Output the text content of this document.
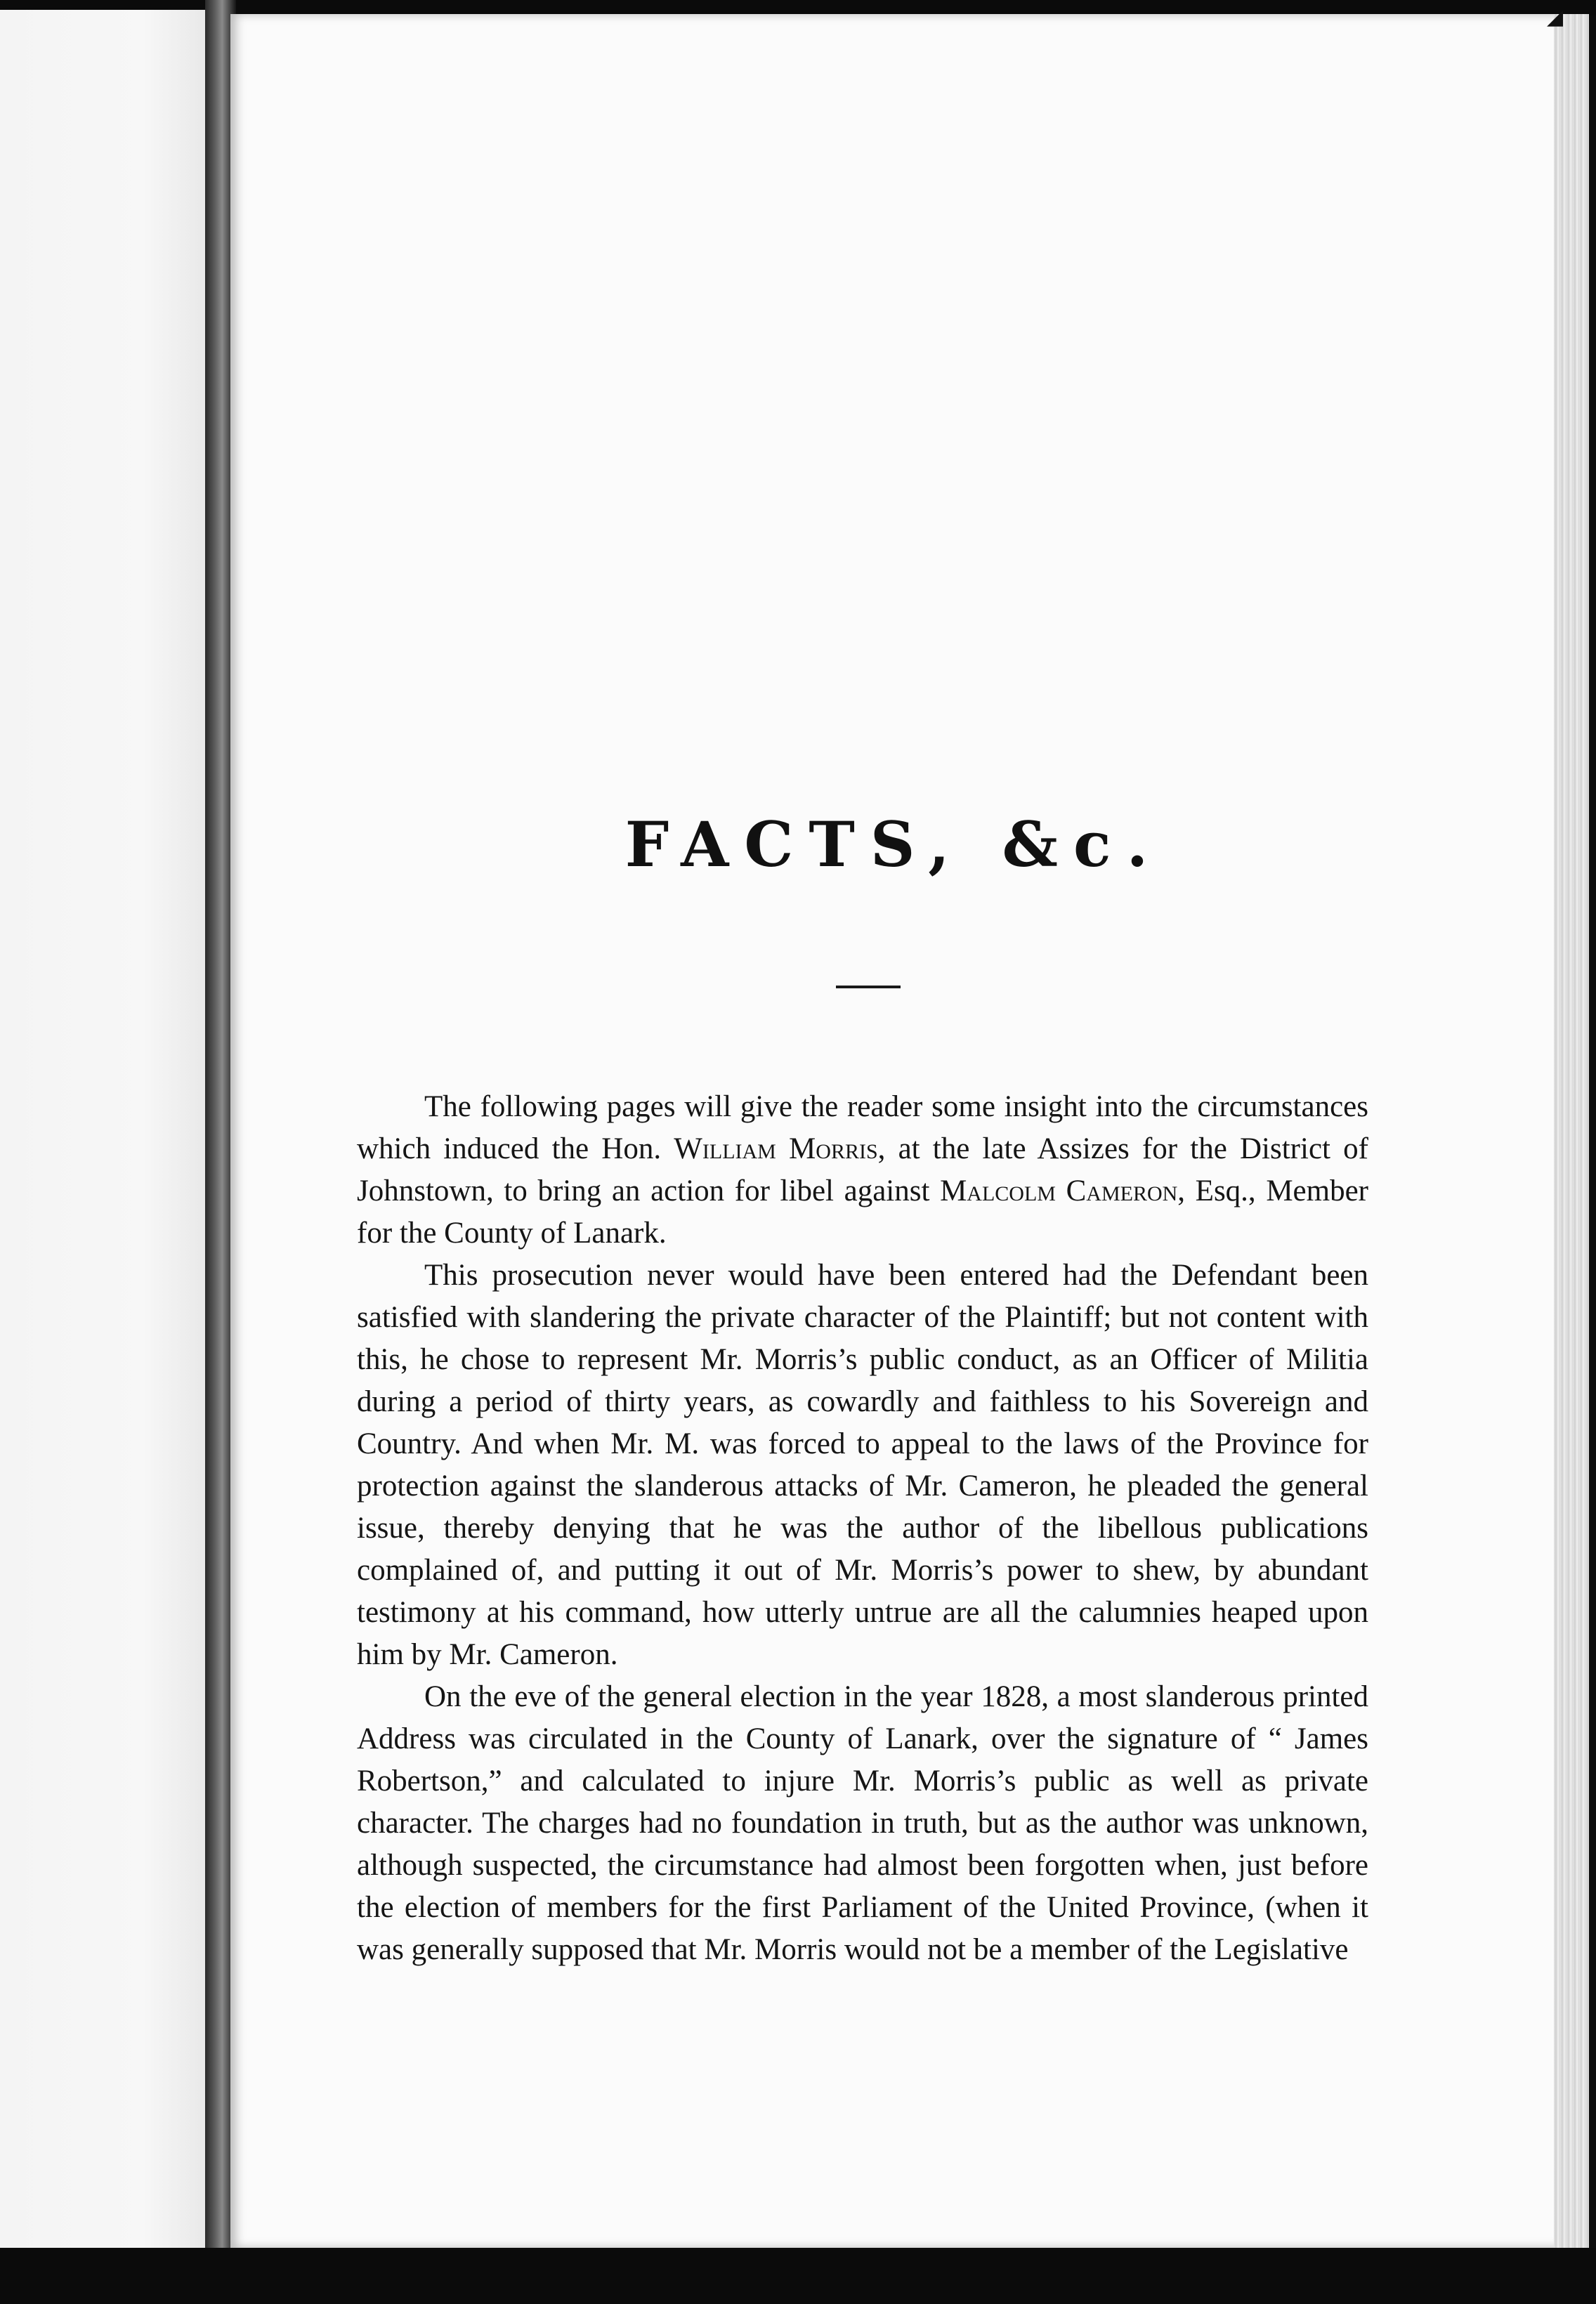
◢
FACTS, &c.

The following pages will give the reader some insight into the circumstances which induced the Hon. William Morris, at the late Assizes for the District of Johnstown, to bring an action for libel against Malcolm Cameron, Esq., Member for the County of Lanark.

This prosecution never would have been entered had the Defendant been satisfied with slandering the private character of the Plaintiff; but not content with this, he chose to represent Mr. Morris’s public conduct, as an Officer of Militia during a period of thirty years, as cowardly and faithless to his Sovereign and Country. And when Mr. M. was forced to appeal to the laws of the Province for protection against the slanderous attacks of Mr. Cameron, he pleaded the general issue, thereby denying that he was the author of the libellous publications complained of, and putting it out of Mr. Morris’s power to shew, by abundant testimony at his command, how utterly untrue are all the calumnies heaped upon him by Mr. Cameron.

On the eve of the general election in the year 1828, a most slanderous printed Address was circulated in the County of Lanark, over the signature of “ James Robertson,” and calculated to injure Mr. Morris’s public as well as private character. The charges had no foundation in truth, but as the author was unknown, although suspected, the circumstance had almost been forgotten when, just before the election of members for the first Parliament of the United Province, (when it was generally supposed that Mr. Morris would not be a member of the Legislative
